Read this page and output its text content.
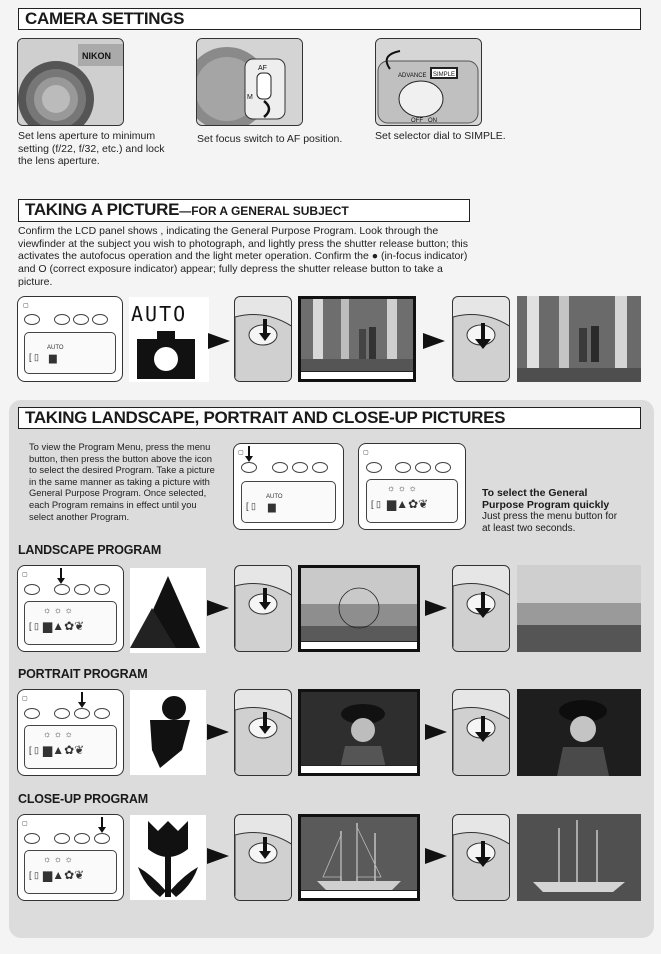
CAMERA SETTINGS
NIKON
Set lens aperture to minimum setting (f/22, f/32, etc.) and lock the lens aperture.
AF
M
Set focus switch to AF position.
ADVANCE SIMPLE
OFF ON
Set selector dial to SIMPLE.
TAKING A PICTURE—FOR A GENERAL SUBJECT
Confirm the LCD panel shows , indicating the General Purpose Program. Look through the viewfinder at the subject you wish to photograph, and lightly press the shutter release button; this activates the autofocus operation and the light meter operation. Confirm the ● (in-focus indicator) and O (correct exposure indicator) appear; fully depress the shutter release button to take a picture.
▢
AUTO
▆
[ ▯
AUTO
TAKING LANDSCAPE, PORTRAIT AND CLOSE-UP PICTURES
To view the Program Menu, press the menu button, then press the button above the icon to select the desired Program. Take a picture in the same manner as taking a picture with General Purpose Program. Once selected, each Program remains in effect until you select another Program.
▢
AUTO
▆
[ ▯
▢
☼ ☼ ☼
▆▲✿❦
[ ▯
To select the General Purpose Program quickly
Just press the menu button for at least two seconds.
LANDSCAPE PROGRAM
▢
☼ ☼ ☼
▆▲✿❦
[ ▯
PORTRAIT PROGRAM
▢
☼ ☼ ☼
▆▲✿❦
[ ▯
CLOSE-UP PROGRAM
▢
☼ ☼ ☼
▆▲✿❦
[ ▯
